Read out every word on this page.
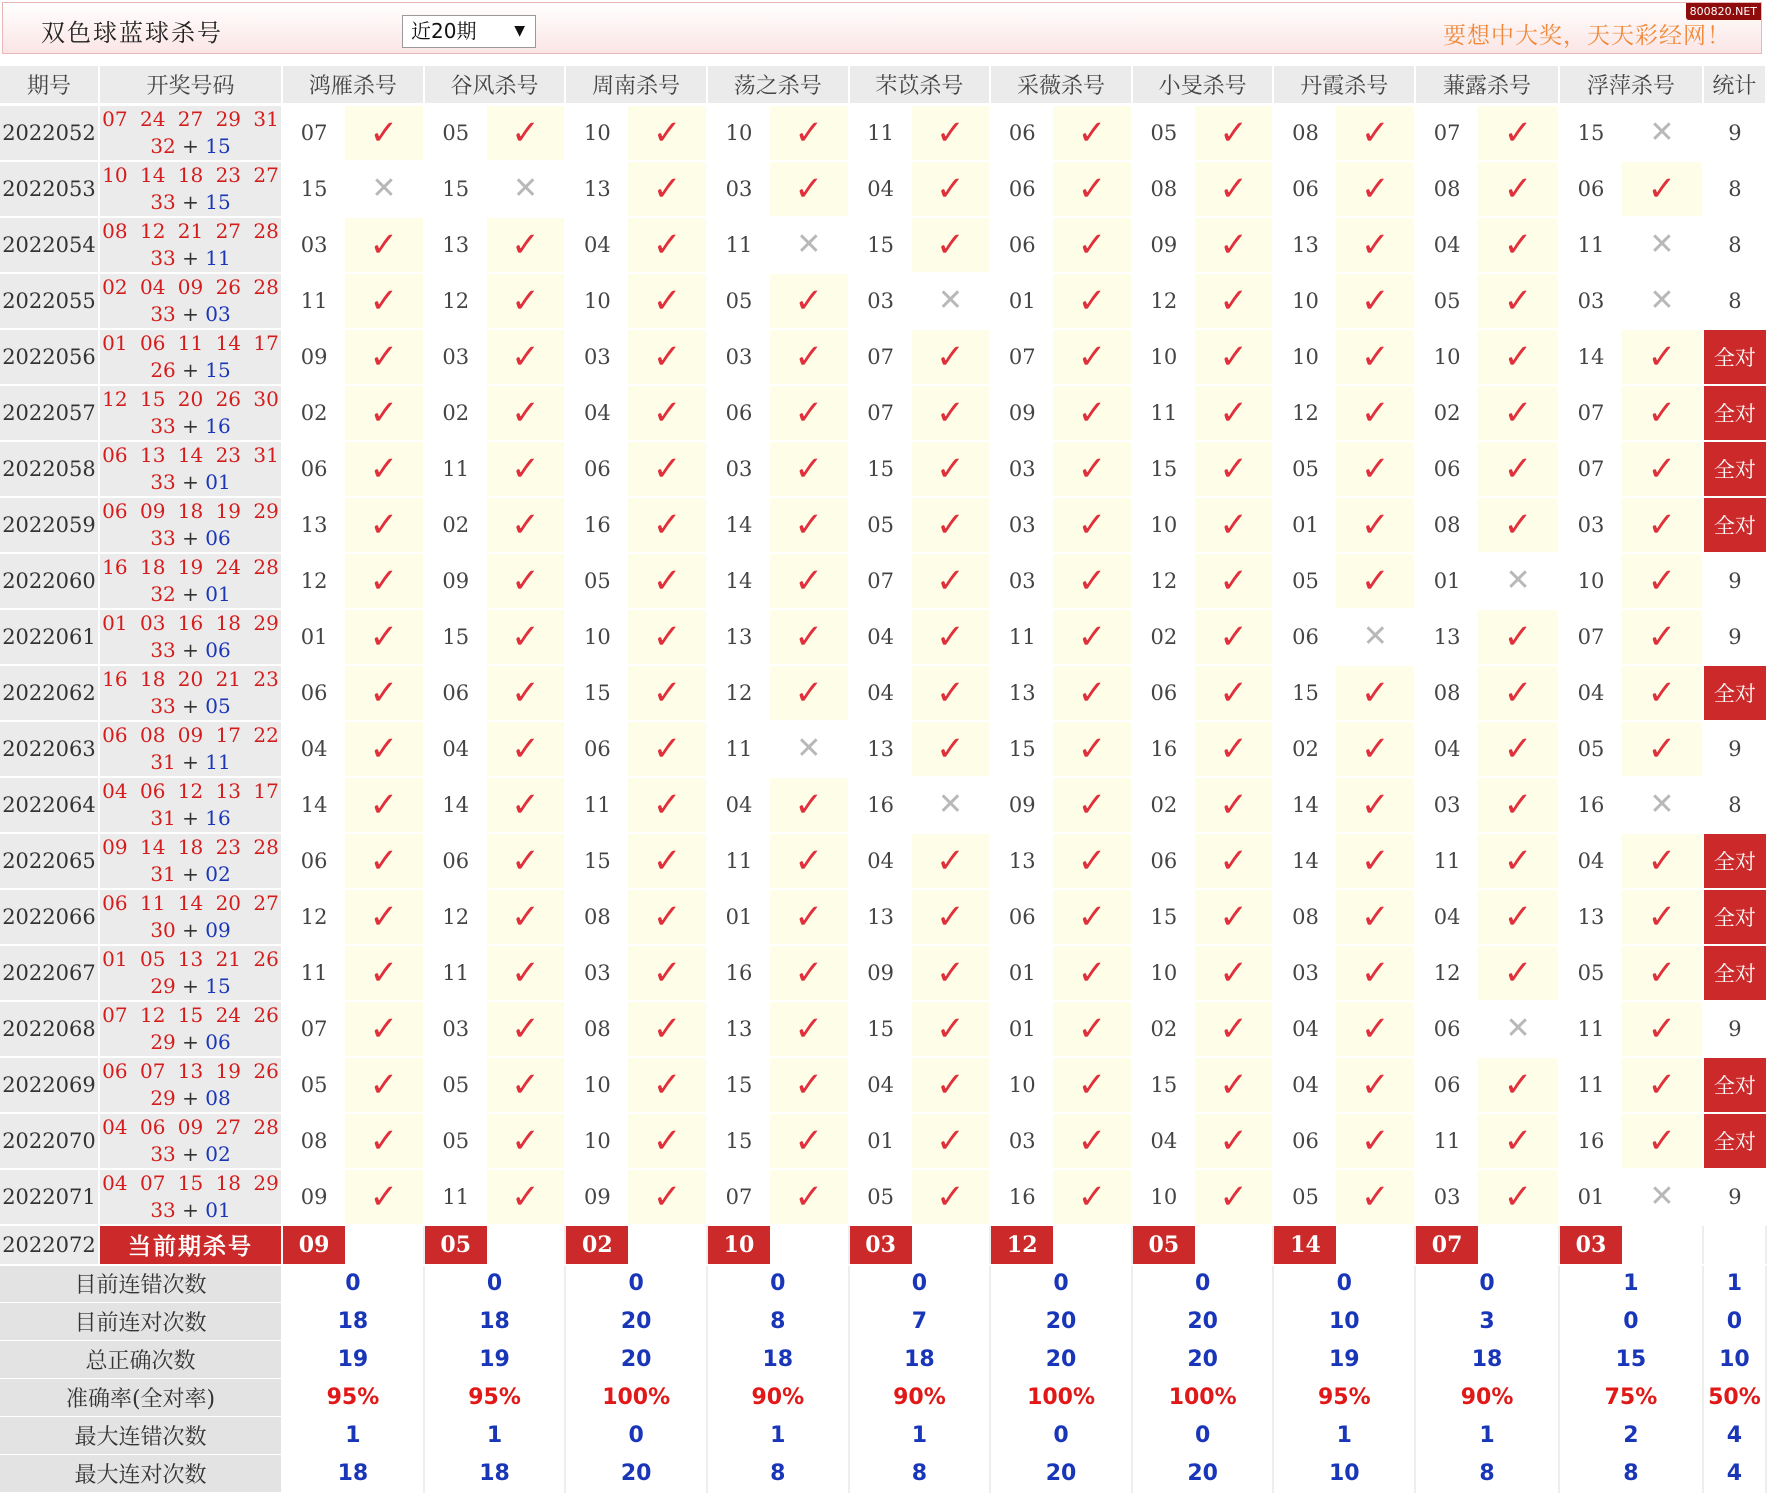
双色球蓝球杀号	近20期	▼	要想中大奖，天天彩经网！
800820.NET
期号	开奖号码	鸿雁杀号		谷风杀号		周南杀号		荡之杀号		芣苡杀号		采薇杀号		小旻杀号		丹霞杀号		蒹露杀号		浮萍杀号		统计
2022052	07 24 27 29 31
32 + 15	07	✓	05	✓	10	✓	10	✓	11	✓	06	✓	05	✓	08	✓	07	✓	15	✕	9
2022053	10 14 18 23 27
33 + 15	15	✕	15	✕	13	✓	03	✓	04	✓	06	✓	08	✓	06	✓	08	✓	06	✓	8
2022054	08 12 21 27 28
33 + 11	03	✓	13	✓	04	✓	11	✕	15	✓	06	✓	09	✓	13	✓	04	✓	11	✕	8
2022055	02 04 09 26 28
33 + 03	11	✓	12	✓	10	✓	05	✓	03	✕	01	✓	12	✓	10	✓	05	✓	03	✕	8
2022056	01 06 11 14 17
26 + 15	09	✓	03	✓	03	✓	03	✓	07	✓	07	✓	10	✓	10	✓	10	✓	14	✓	全对
2022057	12 15 20 26 30
33 + 16	02	✓	02	✓	04	✓	06	✓	07	✓	09	✓	11	✓	12	✓	02	✓	07	✓	全对
2022058	06 13 14 23 31
33 + 01	06	✓	11	✓	06	✓	03	✓	15	✓	03	✓	15	✓	05	✓	06	✓	07	✓	全对
2022059	06 09 18 19 29
33 + 06	13	✓	02	✓	16	✓	14	✓	05	✓	03	✓	10	✓	01	✓	08	✓	03	✓	全对
2022060	16 18 19 24 28
32 + 01	12	✓	09	✓	05	✓	14	✓	07	✓	03	✓	12	✓	05	✓	01	✕	10	✓	9
2022061	01 03 16 18 29
33 + 06	01	✓	15	✓	10	✓	13	✓	04	✓	11	✓	02	✓	06	✕	13	✓	07	✓	9
2022062	16 18 20 21 23
33 + 05	06	✓	06	✓	15	✓	12	✓	04	✓	13	✓	06	✓	15	✓	08	✓	04	✓	全对
2022063	06 08 09 17 22
31 + 11	04	✓	04	✓	06	✓	11	✕	13	✓	15	✓	16	✓	02	✓	04	✓	05	✓	9
2022064	04 06 12 13 17
31 + 16	14	✓	14	✓	11	✓	04	✓	16	✕	09	✓	02	✓	14	✓	03	✓	16	✕	8
2022065	09 14 18 23 28
31 + 02	06	✓	06	✓	15	✓	11	✓	04	✓	13	✓	06	✓	14	✓	11	✓	04	✓	全对
2022066	06 11 14 20 27
30 + 09	12	✓	12	✓	08	✓	01	✓	13	✓	06	✓	15	✓	08	✓	04	✓	13	✓	全对
2022067	01 05 13 21 26
29 + 15	11	✓	11	✓	03	✓	16	✓	09	✓	01	✓	10	✓	03	✓	12	✓	05	✓	全对
2022068	07 12 15 24 26
29 + 06	07	✓	03	✓	08	✓	13	✓	15	✓	01	✓	02	✓	04	✓	06	✕	11	✓	9
2022069	06 07 13 19 26
29 + 08	05	✓	05	✓	10	✓	15	✓	04	✓	10	✓	15	✓	04	✓	06	✓	11	✓	全对
2022070	04 06 09 27 28
33 + 02	08	✓	05	✓	10	✓	15	✓	01	✓	03	✓	04	✓	06	✓	11	✓	16	✓	全对
2022071	04 07 15 18 29
33 + 01	09	✓	11	✓	09	✓	07	✓	05	✓	16	✓	10	✓	05	✓	03	✓	01	✕	9
2022072	当前期杀号	09		05		02		10		03		12		05		14		07		03		
目前连错次数		0		0		0		0		0		0		0		0		0		1		1
目前连对次数		18		18		20		8		7		20		20		10		3		0		0
总正确次数		19		19		20		18		18		20		20		19		18		15		10
准确率(全对率)		95%		95%		100%		90%		90%		100%		100%		95%		90%		75%		50%
最大连错次数		1		1		0		1		1		0		0		1		1		2		4
最大连对次数		18		18		20		8		8		20		20		10		8		8		4
